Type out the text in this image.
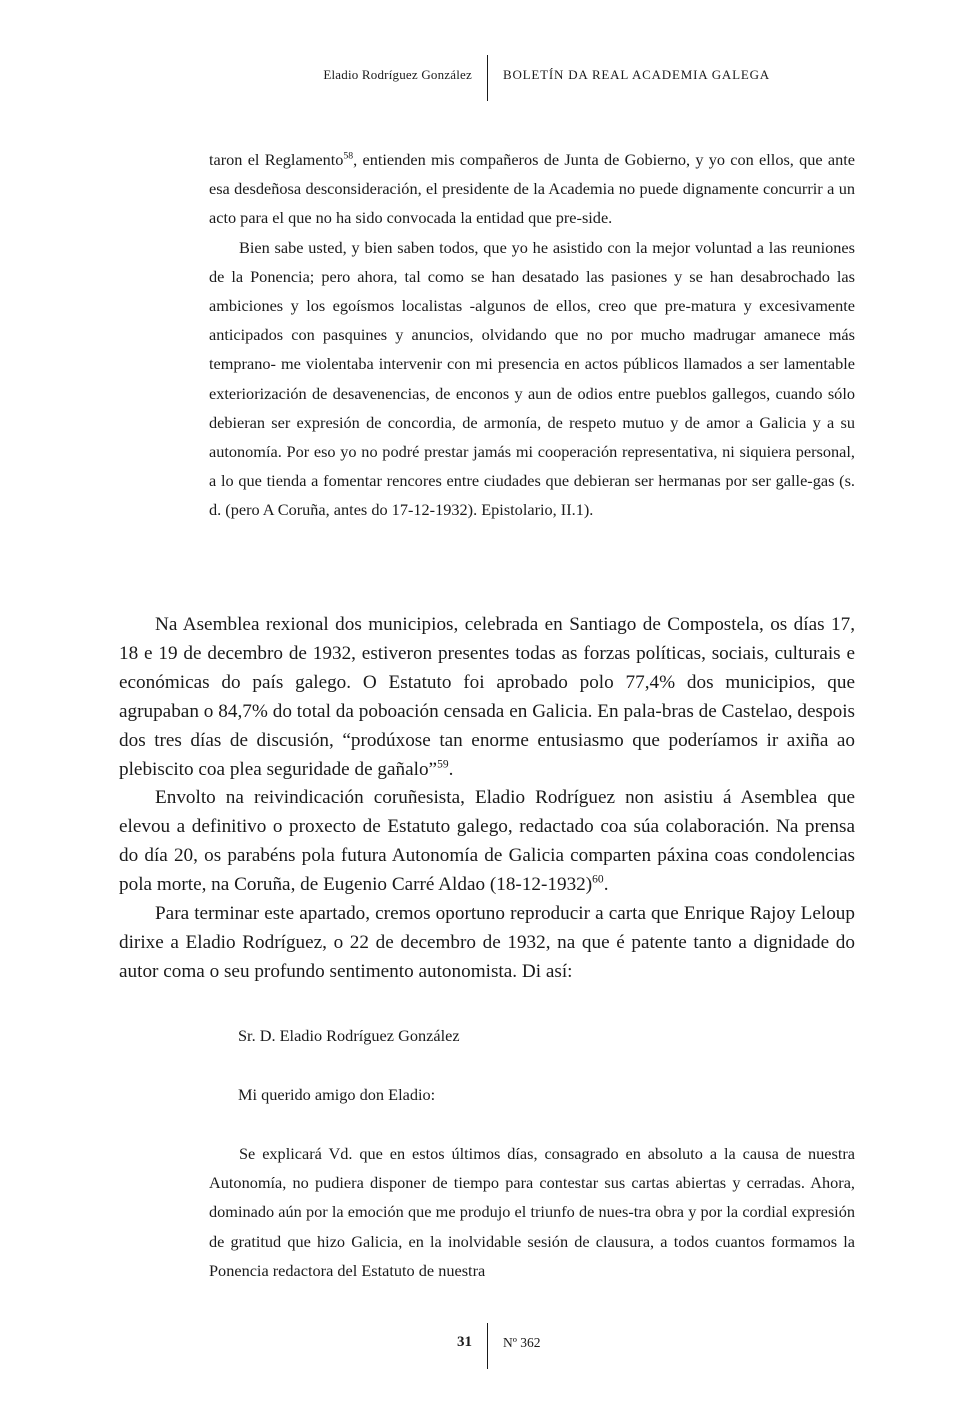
Eladio Rodríguez González BOLETÍN DA REAL ACADEMIA GALEGA

taron el Reglamento$^{58}$, entienden mis compañeros de Junta de Gobierno, y yo con ellos, que ante esa desdeñosa desconsideración, el presidente de la Academia no puede dignamente concurrir a un acto para el que no ha sido convocada la entidad que pre-side.

Bien sabe usted, y bien saben todos, que yo he asistido con la mejor voluntad a las reuniones de la Ponencia; pero ahora, tal como se han desatado las pasiones y se han desabrochado las ambiciones y los egoísmos localistas -algunos de ellos, creo que pre-matura y excesivamente anticipados con pasquines y anuncios, olvidando que no por mucho madrugar amanece más temprano- me violentaba intervenir con mi presencia en actos públicos llamados a ser lamentable exteriorización de desavenencias, de enconos y aun de odios entre pueblos gallegos, cuando sólo debieran ser expresión de concordia, de armonía, de respeto mutuo y de amor a Galicia y a su autonomía. Por eso yo no podré prestar jamás mi cooperación representativa, ni siquiera personal, a lo que tienda a fomentar rencores entre ciudades que debieran ser hermanas por ser galle-gas (s. d. (pero A Coruña, antes do 17-12-1932). Epistolario, II.1).

Na Asemblea rexional dos municipios, celebrada en Santiago de Compostela, os días 17, 18 e 19 de decembro de 1932, estiveron presentes todas as forzas políticas, sociais, culturais e económicas do país galego. O Estatuto foi aprobado polo 77,4% dos municipios, que agrupaban o 84,7% do total da poboación censada en Galicia. En pala-bras de Castelao, despois dos tres días de discusión, “prodúxose tan enorme entusiasmo que poderíamos ir axiña ao plebiscito coa plea seguridade de gañalo”$^{59}$.

Envolto na reivindicación coruñesista, Eladio Rodríguez non asistiu á Asemblea que elevou a definitivo o proxecto de Estatuto galego, redactado coa súa colaboración. Na prensa do día 20, os parabéns pola futura Autonomía de Galicia comparten páxina coas condolencias pola morte, na Coruña, de Eugenio Carré Aldao $(18-12-1932)^{60}$.

Para terminar este apartado, cremos oportuno reproducir a carta que Enrique Rajoy Leloup dirixe a Eladio Rodríguez, o 22 de decembro de 1932, na que é patente tanto a dignidade do autor coma o seu profundo sentimento autonomista. Di así:

Sr. D. Eladio Rodríguez González
Mi querido amigo don Eladio:

Se explicará Vd. que en estos últimos días, consagrado en absoluto a la causa de nuestra Autonomía, no pudiera disponer de tiempo para contestar sus cartas abiertas y cerradas. Ahora, dominado aún por la emoción que me produjo el triunfo de nues-tra obra y por la cordial expresión de gratitud que hizo Galicia, en la inolvidable sesión de clausura, a todos cuantos formamos la Ponencia redactora del Estatuto de nuestra

31 Nº 362
